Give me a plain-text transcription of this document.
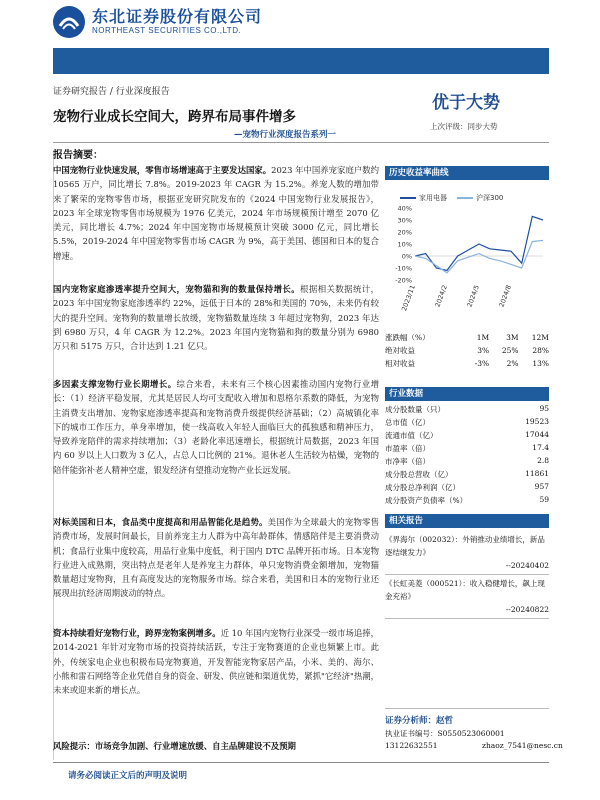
东北证券股份有限公司
NORTHEAST SECURITIES CO.,LTD.
家用电器 发布时间：2024-11-15
证券研究报告 / 行业深度报告
宠物行业成长空间大，跨界布局事件增多
—宠物行业深度报告系列一
优于大势
上次评级：同步大势
报告摘要：
中国宠物行业快速发展，零售市场增速高于主要发达国家。2023 年中国养宠家庭户数约 10565 万户，同比增长 7.8%。2019-2023 年 CAGR 为 15.2%。养宠人数的增加带来了繁荣的宠物零售市场，根据亚宠研究院发布的《2024 中国宠物行业发展报告》，2023 年全球宠物零售市场规模为 1976 亿美元，2024 年市场规模预计增至 2070 亿美元，同比增长 4.7%；2024 年中国宠物市场规模预计突破 3000 亿元，同比增长 5.5%，2019-2024 年中国宠物零售市场 CAGR 为 9%，高于美国、德国和日本的复合增速。
国内宠物家庭渗透率提升空间大，宠物猫和狗的数量保持增长。根据相关数据统计，2023 年中国宠物家庭渗透率约 22%，远低于日本的 28%和美国的 70%，未来仍有较大的提升空间。宠物狗的数量增长放缓，宠物猫数量连续 3 年超过宠物狗，2023 年达到 6980 万只，4 年 CAGR 为 12.2%。2023 年国内宠物猫和狗的数量分别为 6980 万只和 5175 万只，合计达到 1.21 亿只。
多因素支撑宠物行业长期增长。综合来看，未来有三个核心因素推动国内宠物行业增长：（1）经济平稳发展，尤其是居民人均可支配收入增加和恩格尔系数的降低，为宠物主消费支出增加、宠物家庭渗透率提高和宠物消费升级提供经济基础；（2）高城镇化率下的城市工作压力，单身率增加，使一线高收入年轻人面临巨大的孤独感和精神压力，导致养宠陪伴的需求持续增加；（3）老龄化率迅速增长，根据统计局数据，2023 年国内 60 岁以上人口数为 3 亿人，占总人口比例的 21%。退休老人生活较为枯燥，宠物的陪伴能弥补老人精神空虚，银发经济有望推动宠物产业长远发展。
对标美国和日本，食品类中度提高和用品智能化是趋势。美国作为全球最大的宠物零售消费市场，发展时间最长，目前养宠主力人群为中高年龄群体，情感陪伴是主要消费动机；食品行业集中度较高，用品行业集中度低，利于国内 DTC 品牌开拓市场。日本宠物行业进入成熟期，突出特点是老年人是养宠主力群体，单只宠物消费金额增加，宠物猫数量超过宠物狗，且有高度发达的宠物服务市场。综合来看，美国和日本的宠物行业还展现出抗经济周期波动的特点。
资本持续看好宠物行业，跨界宠物案例增多。近 10 年国内宠物行业深受一级市场追捧，2014-2021 年针对宠物市场的投资持续活跃，专注于宠物赛道的企业也频繁上市。此外，传统家电企业也积极布局宠物赛道，开发智能宠物家居产品，小米、美的、海尔、小熊和雷石网络等企业凭借自身的资金、研发、供应链和渠道优势，紧抓"它经济"热潮，未来或迎来新的增长点。
风险提示：市场竞争加剧、行业增速放缓、自主品牌建设不及预期
历史收益率曲线
家用电器	沪深300
40%
30%
20%
10%
0%
-10%
-20%
2023/11	2024/2	2024/5	2024/8
涨跌幅（%）	1M	3M	12M
绝对收益	3%	25%	28%
相对收益	-3%	2%	13%
行业数据
成分股数量（只）	95
总市值（亿）	19523
流通市值（亿）	17044
市盈率（倍）	17.4
市净率（倍）	2.8
成分股总营收（亿）	11861
成分股总净利润（亿）	957
成分股资产负债率（%）	59
相关报告
《界海尔（002032）：外销推动业绩增长，新品逐结继发力》
--20240402
《长虹美菱（000521）：收入稳健增长，飙上现金充裕》
--20240822
证券分析师：赵哲
执业证书编号：S0550523060001
13122632551	zhaoz_7541@nesc.cn
请务必阅读正文后的声明及说明
